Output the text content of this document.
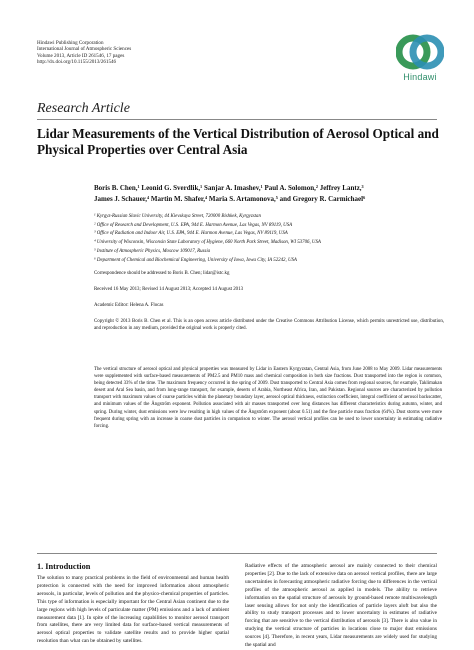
Hindawi Publishing Corporation
International Journal of Atmospheric Sciences
Volume 2013, Article ID 261546, 17 pages
http://dx.doi.org/10.1155/2013/261546
Hindawi
Research Article
Lidar Measurements of the Vertical Distribution of Aerosol Optical and Physical Properties over Central Asia
Boris B. Chen,¹ Leonid G. Sverdlik,¹ Sanjar A. Imashev,¹ Paul A. Solomon,² Jeffrey Lantz,³
James J. Schauer,⁴ Martin M. Shafer,⁴ Maria S. Artamonova,⁵ and Gregory R. Carmichael⁶
¹ Kyrgyz-Russian Slavic University, 44 Kievskaya Street, 720000 Bishkek, Kyrgyzstan
² Office of Research and Development, U.S. EPA, 944 E. Harmon Avenue, Las Vegas, NV 89119, USA
³ Office of Radiation and Indoor Air, U.S. EPA, 944 E. Harmon Avenue, Las Vegas, NV 89119, USA
⁴ University of Wisconsin, Wisconsin State Laboratory of Hygiene, 660 North Park Street, Madison, WI 53706, USA
⁵ Institute of Atmospheric Physics, Moscow 109017, Russia
⁶ Department of Chemical and Biochemical Engineering, University of Iowa, Iowa City, IA 52242, USA
Correspondence should be addressed to Boris B. Chen; lidar@istc.kg
Received 16 May 2013; Revised 14 August 2013; Accepted 14 August 2013
Academic Editor: Helena A. Flocas
Copyright © 2013 Boris B. Chen et al. This is an open access article distributed under the Creative Commons Attribution License, which permits unrestricted use, distribution, and reproduction in any medium, provided the original work is properly cited.
The vertical structure of aerosol optical and physical properties was measured by Lidar in Eastern Kyrgyzstan, Central Asia, from June 2008 to May 2009. Lidar measurements were supplemented with surface-based measurements of PM2.5 and PM10 mass and chemical composition in both size fractions. Dust transported into the region is common, being detected 33% of the time. The maximum frequency occurred in the spring of 2009. Dust transported to Central Asia comes from regional sources, for example, Taklimakan desert and Aral Sea basin, and from long-range transport, for example, deserts of Arabia, Northeast Africa, Iran, and Pakistan. Regional sources are characterized by pollution transport with maximum values of coarse particles within the planetary boundary layer, aerosol optical thickness, extinction coefficient, integral coefficient of aerosol backscatter, and minimum values of the Ångström exponent. Pollution associated with air masses transported over long distances has different characteristics during autumn, winter, and spring. During winter, dust emissions were low resulting in high values of the Ångström exponent (about 0.51) and the fine particle mass fraction (64%). Dust storms were more frequent during spring with an increase in coarse dust particles in comparison to winter. The aerosol vertical profiles can be used to lower uncertainty in estimating radiative forcing.
1. Introduction
The solution to many practical problems in the field of environmental and human health protection is connected with the need for improved information about atmospheric aerosols, in particular, levels of pollution and the physico-chemical properties of particles. This type of information is especially important for the Central Asian continent due to the large regions with high levels of particulate matter (PM) emissions and a lack of ambient measurement data [1]. In spite of the increasing capabilities to monitor aerosol transport from satellites, there are very limited data for surface-based vertical measurements of aerosol optical properties to validate satellite results and to provide higher spatial resolution than what can be obtained by satellites.
Radiative effects of the atmospheric aerosol are mainly connected to their chemical properties [2]. Due to the lack of extensive data on aerosol vertical profiles, there are large uncertainties in forecasting atmospheric radiative forcing due to differences in the vertical profiles of the atmospheric aerosol as applied in models. The ability to retrieve information on the spatial structure of aerosols by ground-based remote multiwavelength laser sensing allows for not only the identification of particle layers aloft but also the ability to study transport processes and to lower uncertainty in estimates of radiative forcing that are sensitive to the vertical distribution of aerosols [3]. There is also value in studying the vertical structure of particles in locations close to major dust emissions sources [4]. Therefore, in recent years, Lidar measurements are widely used for studying the spatial and
